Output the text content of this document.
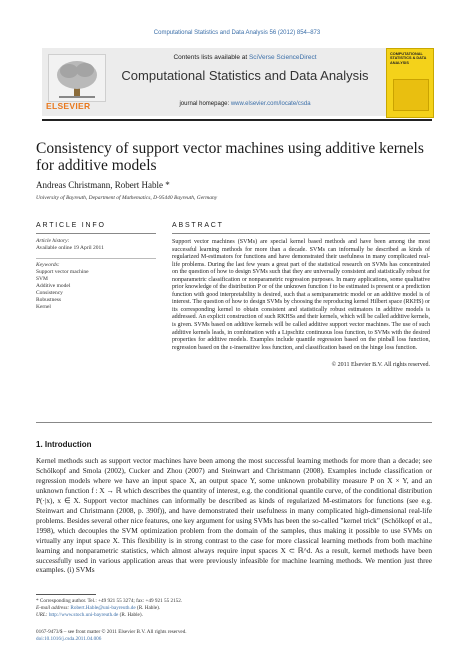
Computational Statistics and Data Analysis 56 (2012) 854–873
ELSEVIER
Contents lists available at SciVerse ScienceDirect
Computational Statistics and Data Analysis
journal homepage: www.elsevier.com/locate/csda
COMPUTATIONAL STATISTICS & DATA ANALYSIS
Consistency of support vector machines using additive kernels for additive models
Andreas Christmann, Robert Hable *
University of Bayreuth, Department of Mathematics, D-95440 Bayreuth, Germany
ARTICLE INFO
Article history:
Available online 19 April 2011
Keywords:
Support vector machine
SVM
Additive model
Consistency
Robustness
Kernel
ABSTRACT
Support vector machines (SVMs) are special kernel based methods and have been among the most successful learning methods for more than a decade. SVMs can informally be described as kinds of regularized M-estimators for functions and have demonstrated their usefulness in many complicated real-life problems. During the last few years a great part of the statistical research on SVMs has concentrated on the question of how to design SVMs such that they are universally consistent and statistically robust for nonparametric classification or nonparametric regression purposes. In many applications, some qualitative prior knowledge of the distribution P or of the unknown function f to be estimated is present or a prediction function with good interpretability is desired, such that a semiparametric model or an additive model is of interest. The question of how to design SVMs by choosing the reproducing kernel Hilbert space (RKHS) or its corresponding kernel to obtain consistent and statistically robust estimators in additive models is addressed. An explicit construction of such RKHSs and their kernels, which will be called additive kernels, is given. SVMs based on additive kernels will be called additive support vector machines. The use of such additive kernels leads, in combination with a Lipschitz continuous loss function, to SVMs with the desired properties for additive models. Examples include quantile regression based on the pinball loss function, regression based on the ε-insensitive loss function, and classification based on the hinge loss function.
© 2011 Elsevier B.V. All rights reserved.
1. Introduction
Kernel methods such as support vector machines have been among the most successful learning methods for more than a decade; see Schölkopf and Smola (2002), Cucker and Zhou (2007) and Steinwart and Christmann (2008). Examples include classification or regression models where we have an input space X, an output space Y, some unknown probability measure P on X × Y, and an unknown function f : X → ℝ which describes the quantity of interest, e.g. the conditional quantile curve, of the conditional distribution P(·|x), x ∈ X. Support vector machines can informally be described as kinds of regularized M-estimators for functions (see e.g. Steinwart and Christmann (2008, p. 390f)), and have demonstrated their usefulness in many complicated high-dimensional real-life problems. Besides several other nice features, one key argument for using SVMs has been the so-called "kernel trick" (Schölkopf et al., 1998), which decouples the SVM optimization problem from the domain of the samples, thus making it possible to use SVMs on virtually any input space X. This flexibility is in strong contrast to the case for more classical learning methods from both machine learning and nonparametric statistics, which almost always require input spaces X ⊂ ℝ^d. As a result, kernel methods have been successfully used in various application areas that were previously infeasible for machine learning methods. We mention just three examples. (i) SVMs
* Corresponding author. Tel.: +49 921 55 3274; fax: +49 921 55 2152.
E-mail address: Robert.Hable@uni-bayreuth.de (R. Hable).
URL: http://www.stoch.uni-bayreuth.de (R. Hable).
0167-9473/$ – see front matter © 2011 Elsevier B.V. All rights reserved.
doi:10.1016/j.csda.2011.04.006
